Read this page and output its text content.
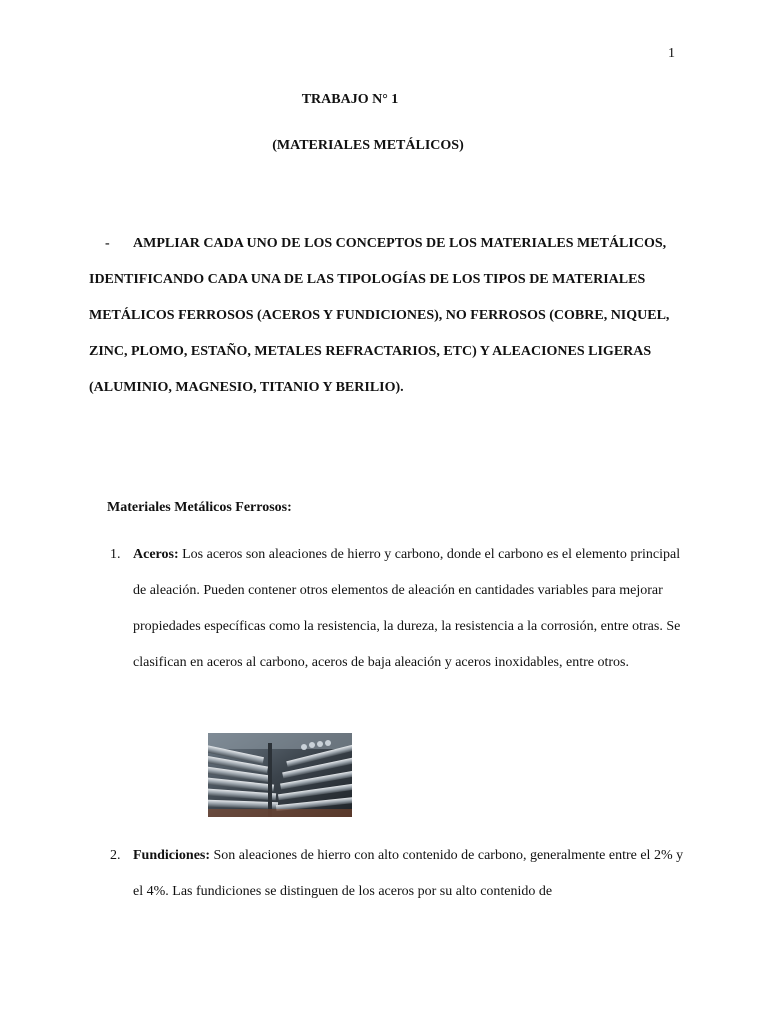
1
TRABAJO N° 1
(MATERIALES METÁLICOS)
- AMPLIAR CADA UNO DE LOS CONCEPTOS DE LOS MATERIALES METÁLICOS, IDENTIFICANDO CADA UNA DE LAS TIPOLOGÍAS DE LOS TIPOS DE MATERIALES METÁLICOS FERROSOS (ACEROS Y FUNDICIONES), NO FERROSOS (COBRE, NIQUEL, ZINC, PLOMO, ESTAÑO, METALES REFRACTARIOS, ETC) Y ALEACIONES LIGERAS (ALUMINIO, MAGNESIO, TITANIO Y BERILIO).
Materiales Metálicos Ferrosos:
1. Aceros: Los aceros son aleaciones de hierro y carbono, donde el carbono es el elemento principal de aleación. Pueden contener otros elementos de aleación en cantidades variables para mejorar propiedades específicas como la resistencia, la dureza, la resistencia a la corrosión, entre otras. Se clasifican en aceros al carbono, aceros de baja aleación y aceros inoxidables, entre otros.
2. Fundiciones: Son aleaciones de hierro con alto contenido de carbono, generalmente entre el 2% y el 4%. Las fundiciones se distinguen de los aceros por su alto contenido de
